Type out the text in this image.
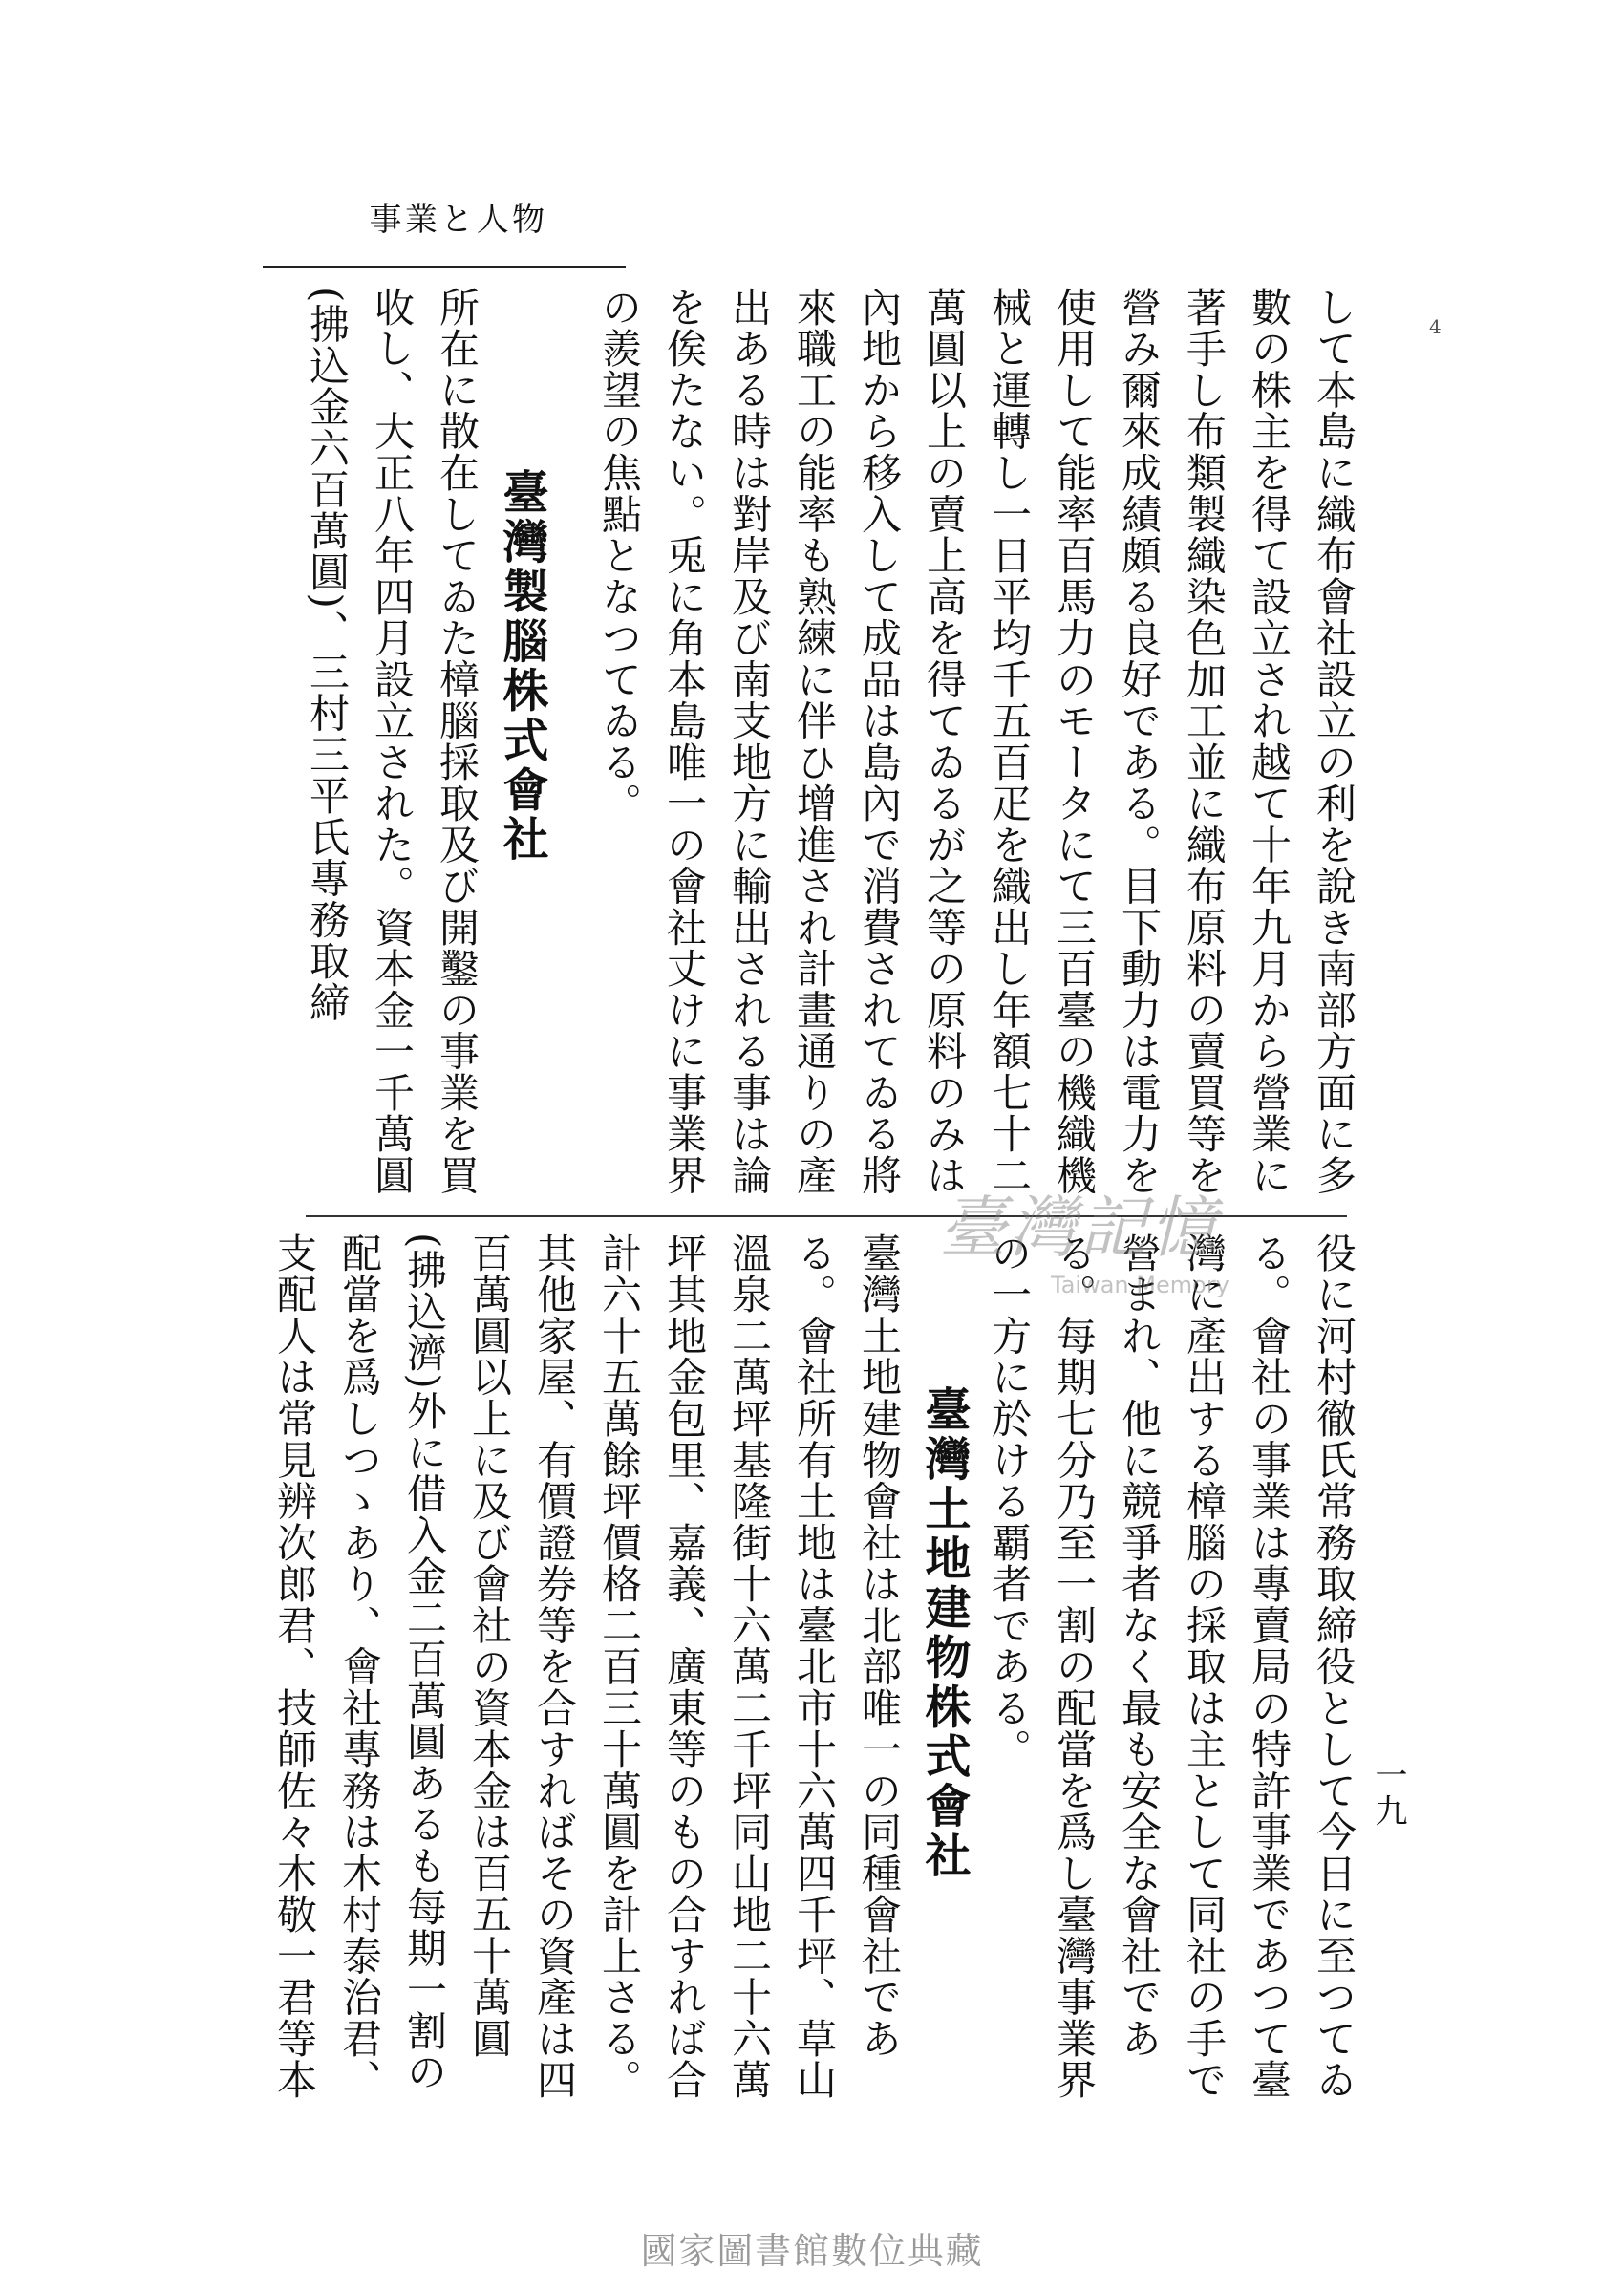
事業と人物

して本島に織布會社設立の利を說き南部方面に多數の株主を得て設立され越て十年九月から營業に著手し布類製織染色加工並に織布原料の賣買等を營み爾來成績頗る良好である。目下動力は電力を使用して能率百馬力のモータにて三百臺の機織機械と運轉し一日平均千五百疋を織出し年額七十二萬圓以上の賣上高を得てゐるが之等の原料のみは內地から移入して成品は島內で消費されてゐる將來職工の能率も熟練に伴ひ增進され計畫通りの產出ある時は對岸及び南支地方に輸出される事は論を俟たない。兎に角本島唯一の會社丈けに事業界の羨望の焦點となつてゐる。

臺灣製腦株式會社

所在に散在してゐた樟腦採取及び開鑿の事業を買收し、大正八年四月設立された。資本金一千萬圓(拂込金六百萬圓)、三村三平氏專務取締

役に河村徹氏常務取締役として今日に至つてゐる。會社の事業は專賣局の特許事業であつて臺灣に產出する樟腦の採取は主として同社の手で營まれ、他に競爭者なく最も安全な會社である。每期七分乃至一割の配當を爲し臺灣事業界の一方に於ける覇者である。

臺灣土地建物株式會社

臺灣土地建物會社は北部唯一の同種會社である。會社所有土地は臺北市十六萬四千坪、草山溫泉二萬坪基隆街十六萬二千坪同山地二十六萬坪其地金包里、嘉義、廣東等のもの合すれば合計六十五萬餘坪價格二百三十萬圓を計上さる。其他家屋、有價證券等を合すればその資產は四百萬圓以上に及び會社の資本金は百五十萬圓(拂込濟)外に借入金二百萬圓あるも每期一割の配當を爲しつゝあり、會社專務は木村泰治君、支配人は常見辨次郎君、技師佐々木敬一君等本	一九
4
臺灣記憶
Taiwan Memory
國家圖書館數位典藏
